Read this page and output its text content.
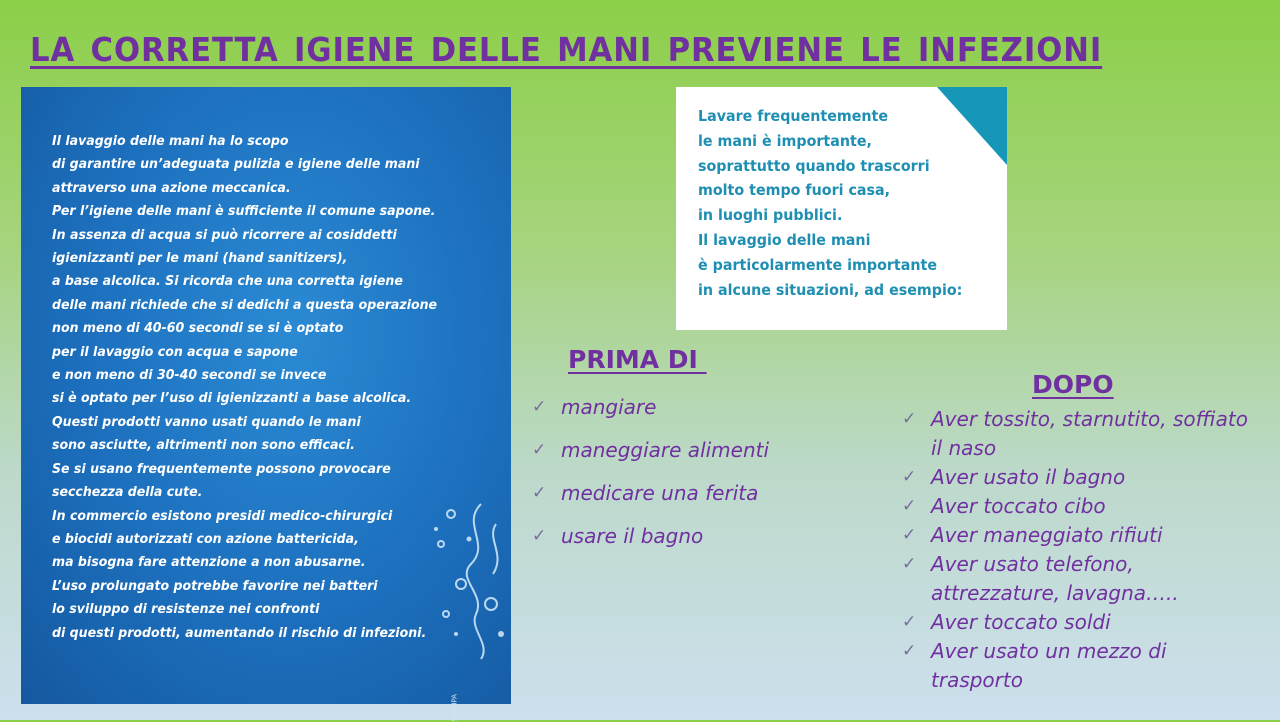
LA CORRETTA IGIENE DELLE MANI PREVIENE LE INFEZIONI
Il lavaggio delle mani ha lo scopo
di garantire un’adeguata pulizia e igiene delle mani
attraverso una azione meccanica.
Per l’igiene delle mani è sufficiente il comune sapone.
In assenza di acqua si può ricorrere ai cosiddetti
igienizzanti per le mani (hand sanitizers),
a base alcolica. Si ricorda che una corretta igiene
delle mani richiede che si dedichi a questa operazione
non meno di 40-60 secondi se si è optato
per il lavaggio con acqua e sapone
e non meno di 30-40 secondi se invece
si è optato per l’uso di igienizzanti a base alcolica.
Questi prodotti vanno usati quando le mani
sono asciutte, altrimenti non sono efficaci.
Se si usano frequentemente possono provocare
secchezza della cute.
In commercio esistono presidi medico-chirurgici
e biocidi autorizzati con azione battericida,
ma bisogna fare attenzione a non abusarne.
L’uso prolungato potrebbe favorire nei batteri
lo sviluppo di resistenze nei confronti
di questi prodotti, aumentando il rischio di infezioni.
STAMPA
Lavare frequentemente
le mani è importante,
soprattutto quando trascorri
molto tempo fuori casa,
in luoghi pubblici.
Il lavaggio delle mani
è particolarmente importante
in alcune situazioni, ad esempio:
PRIMA DI
✓ mangiare
✓ maneggiare alimenti
✓ medicare una ferita
✓ usare il bagno
DOPO
✓ Aver tossito, starnutito, soffiato il naso
✓ Aver usato il bagno
✓ Aver toccato cibo
✓ Aver maneggiato rifiuti
✓ Aver usato telefono, attrezzature, lavagna…..
✓ Aver toccato soldi
✓ Aver usato un mezzo di trasporto
